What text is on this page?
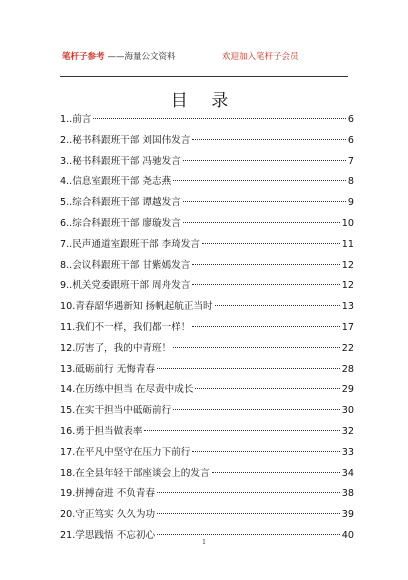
笔杆子参考 ——海量公文资料	欢迎加入笔杆子会员
目 录
1.. 前言	6
2.. 秘书科跟班干部 刘国伟发言	6
3.. 秘书科跟班干部 冯驰发言	7
4.. 信息室跟班干部 尧志燕	8
5.. 综合科跟班干部 谭越发言	9
6.. 综合科跟班干部 廖璇发言	10
7.. 民声通道室跟班干部 李琦发言	11
8.. 会议科跟班干部 甘紫嫣发言	12
9.. 机关党委跟班干部 周舟发言	12
10. 青春韶华遇新知 扬帆起航正当时	13
11. 我们不一样，我们都一样！	17
12. 厉害了，我的中青班！	22
13. 砥砺前行 无悔青春	28
14. 在历练中担当 在尽责中成长	29
15. 在实干担当中砥砺前行	30
16. 勇于担当做表率	32
17. 在平凡中坚守在压力下前行	33
18. 在全县年轻干部座谈会上的发言	34
19. 拼搏奋进 不负青春	38
20. 守正笃实 久久为功	39
21. 学思践悟 不忘初心	40
1
